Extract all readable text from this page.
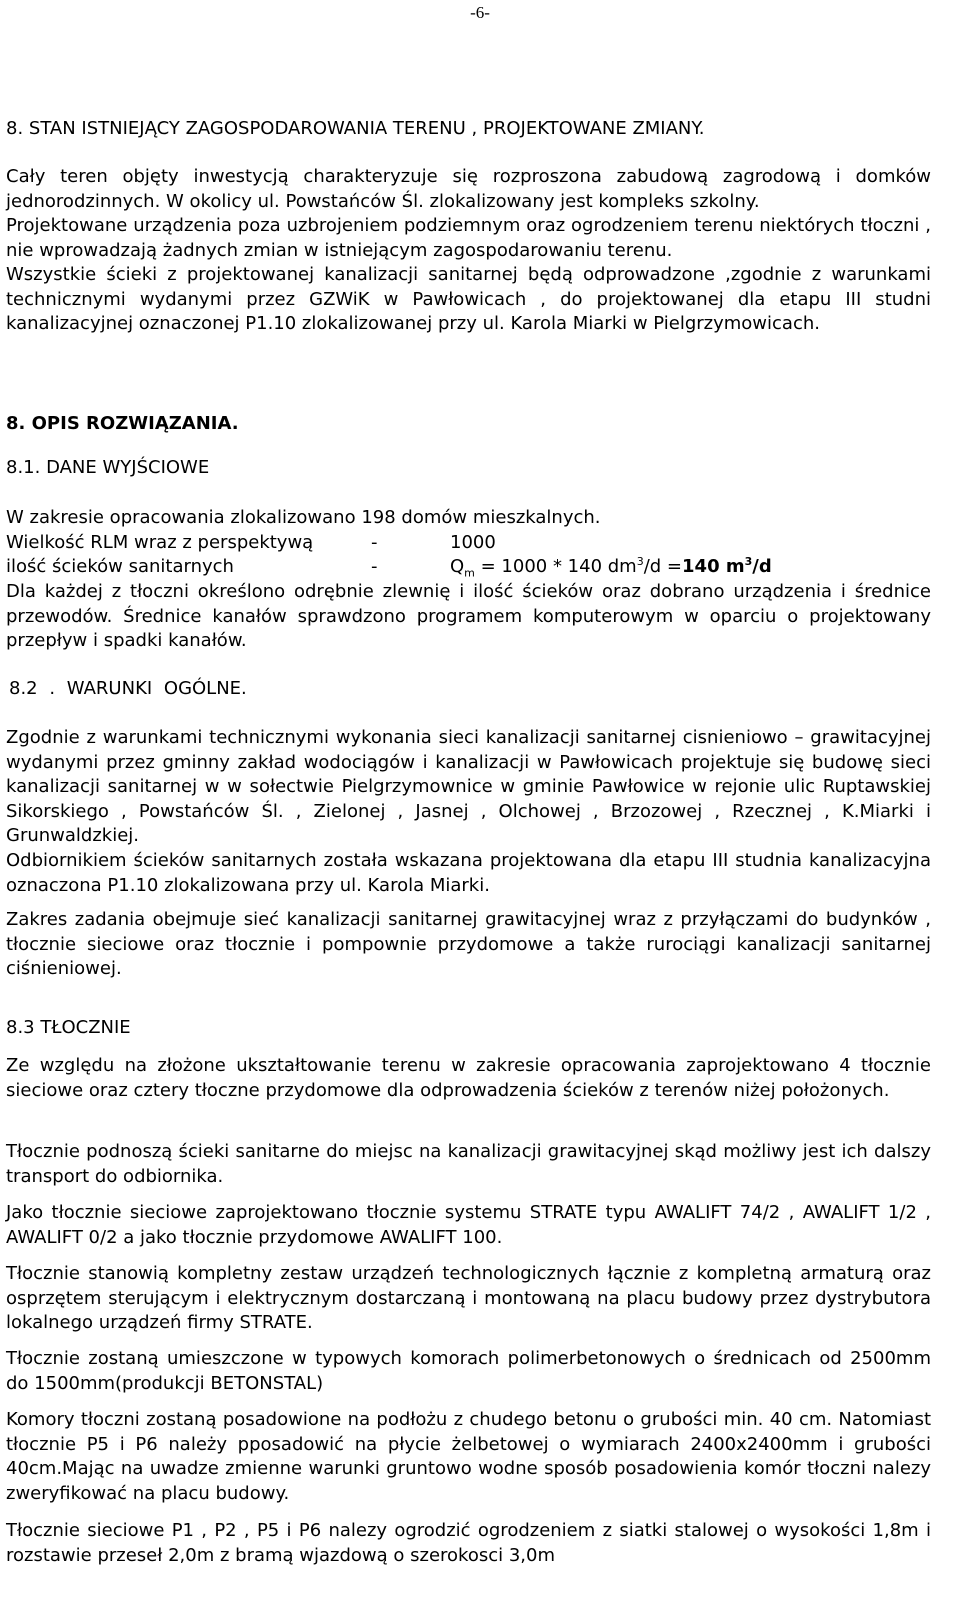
-6-
8. STAN ISTNIEJĄCY ZAGOSPODAROWANIA TERENU , PROJEKTOWANE ZMIANY.
Cały teren objęty inwestycją charakteryzuje się rozproszona zabudową zagrodową i domków jednorodzinnych. W okolicy ul. Powstańców Śl. zlokalizowany jest kompleks szkolny.
Projektowane urządzenia poza uzbrojeniem podziemnym oraz ogrodzeniem terenu niektórych tłoczni , nie wprowadzają żadnych zmian w istniejącym zagospodarowaniu terenu.
Wszystkie ścieki z projektowanej kanalizacji sanitarnej będą odprowadzone ,zgodnie z warunkami technicznymi wydanymi przez GZWiK w Pawłowicach , do projektowanej dla etapu III studni kanalizacyjnej oznaczonej P1.10 zlokalizowanej przy ul. Karola Miarki w Pielgrzymowicach.
8. OPIS ROZWIĄZANIA.
8.1. DANE WYJŚCIOWE
W zakresie opracowania zlokalizowano 198 domów mieszkalnych.
Wielkość RLM wraz z perspektywą	-	1000
ilość ścieków sanitarnych	-	$Q_m = 1000 * 140$ $dm^3/d =140$ $m^3/d$
Dla każdej z tłoczni określono odrębnie zlewnię i ilość ścieków oraz dobrano urządzenia i średnice przewodów. Średnice kanałów sprawdzono programem komputerowym w oparciu o projektowany przepływ i spadki kanałów.
8.2 . WARUNKI OGÓLNE.
Zgodnie z warunkami technicznymi wykonania sieci kanalizacji sanitarnej cisnieniowo – grawitacyjnej wydanymi przez gminny zakład wodociągów i kanalizacji w Pawłowicach projektuje się budowę sieci kanalizacji sanitarnej w w sołectwie Pielgrzymownice w gminie Pawłowice w rejonie ulic Ruptawskiej Sikorskiego , Powstańców Śl. , Zielonej , Jasnej , Olchowej , Brzozowej , Rzecznej , K.Miarki i Grunwaldzkiej.
Odbiornikiem ścieków sanitarnych została wskazana projektowana dla etapu III studnia kanalizacyjna oznaczona P1.10 zlokalizowana przy ul. Karola Miarki.
Zakres zadania obejmuje sieć kanalizacji sanitarnej grawitacyjnej wraz z przyłączami do budynków , tłocznie sieciowe oraz tłocznie i pompownie przydomowe a także rurociągi kanalizacji sanitarnej ciśnieniowej.
8.3 TŁOCZNIE
Ze względu na złożone ukształtowanie terenu w zakresie opracowania zaprojektowano 4 tłocznie sieciowe oraz cztery tłoczne przydomowe dla odprowadzenia ścieków z terenów niżej położonych.
Tłocznie podnoszą ścieki sanitarne do miejsc na kanalizacji grawitacyjnej skąd możliwy jest ich dalszy transport do odbiornika.
Jako tłocznie sieciowe zaprojektowano tłocznie systemu STRATE typu AWALIFT 74/2 , AWALIFT 1/2 , AWALIFT 0/2 a jako tłocznie przydomowe AWALIFT 100.
Tłocznie stanowią kompletny zestaw urządzeń technologicznych łącznie z kompletną armaturą oraz osprzętem sterującym i elektrycznym dostarczaną i montowaną na placu budowy przez dystrybutora lokalnego urządzeń firmy STRATE.
Tłocznie zostaną umieszczone w typowych komorach polimerbetonowych o średnicach od 2500mm do 1500mm(produkcji BETONSTAL)
Komory tłoczni zostaną posadowione na podłożu z chudego betonu o grubości min. 40 cm. Natomiast tłocznie P5 i P6 należy pposadowić na płycie żelbetowej o wymiarach 2400x2400mm i grubości 40cm.Mając na uwadze zmienne warunki gruntowo wodne sposób posadowienia komór tłoczni nalezy zweryfikować na placu budowy.
Tłocznie sieciowe P1 , P2 , P5 i P6 nalezy ogrodzić ogrodzeniem z siatki stalowej o wysokości 1,8m i rozstawie przeseł 2,0m z bramą wjazdową o szerokosci 3,0m
